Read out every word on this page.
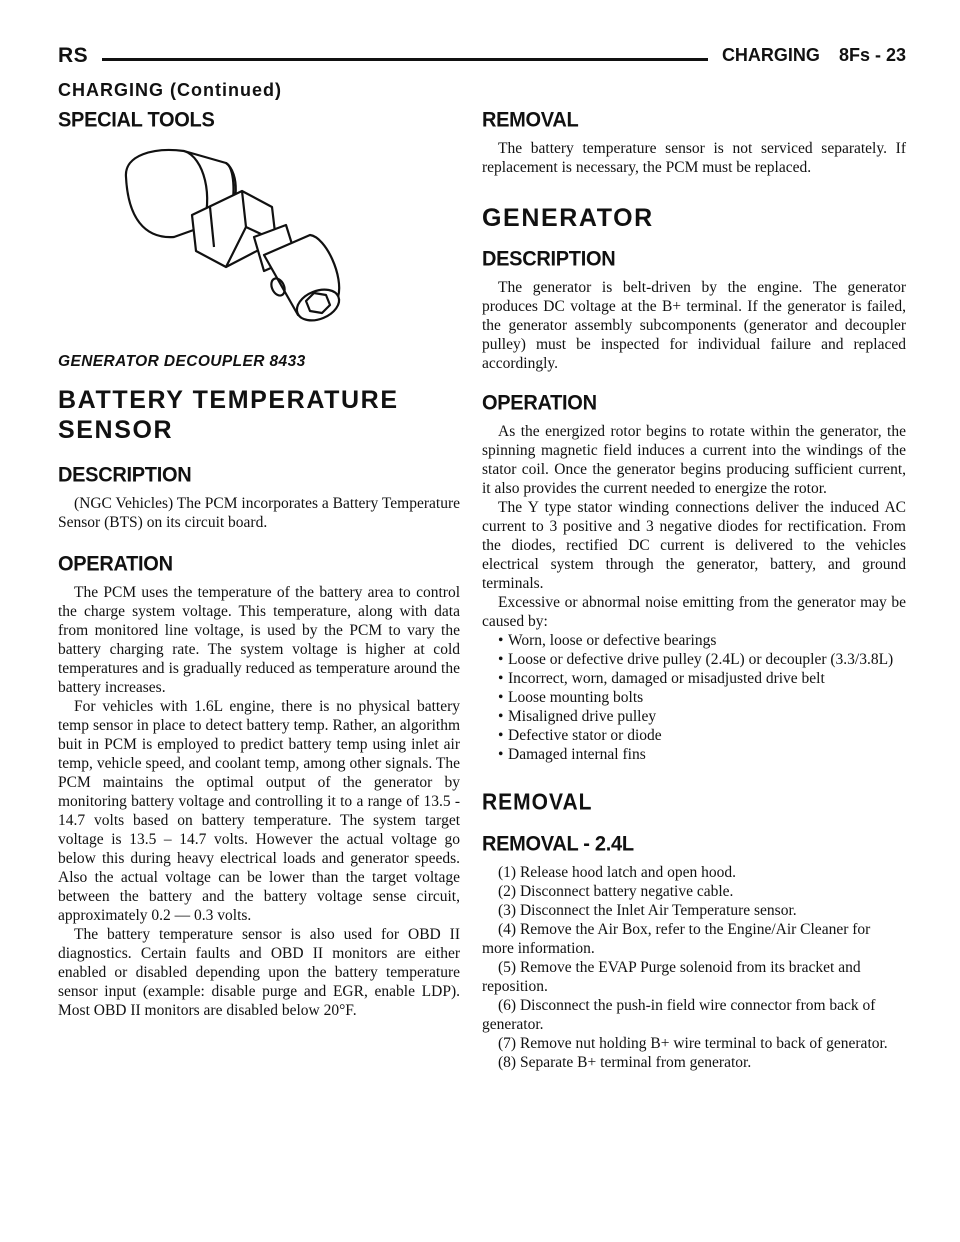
RS	CHARGING 8Fs - 23
CHARGING (Continued)
SPECIAL TOOLS
GENERATOR DECOUPLER 8433
BATTERY TEMPERATURE
SENSOR
DESCRIPTION

(NGC Vehicles) The PCM incorporates a Battery Temperature Sensor (BTS) on its circuit board.

OPERATION

The PCM uses the temperature of the battery area to control the charge system voltage. This temperature, along with data from monitored line voltage, is used by the PCM to vary the battery charging rate. The system voltage is higher at cold temperatures and is gradually reduced as temperature around the battery increases.

For vehicles with 1.6L engine, there is no physical battery temp sensor in place to detect battery temp. Rather, an algorithm buit in PCM is employed to predict battery temp using inlet air temp, vehicle speed, and coolant temp, among other signals. The PCM maintains the optimal output of the generator by monitoring battery voltage and controlling it to a range of 13.5 - 14.7 volts based on battery temperature. The system target voltage is 13.5 – 14.7 volts. However the actual voltage go below this during heavy electrical loads and generator speeds. Also the actual voltage can be lower than the target voltage between the battery and the battery voltage sense circuit, approximately 0.2 — 0.3 volts.

The battery temperature sensor is also used for OBD II diagnostics. Certain faults and OBD II monitors are either enabled or disabled depending upon the battery temperature sensor input (example: disable purge and EGR, enable LDP). Most OBD II monitors are disabled below 20°F.

REMOVAL

The battery temperature sensor is not serviced separately. If replacement is necessary, the PCM must be replaced.

GENERATOR
DESCRIPTION

The generator is belt-driven by the engine. The generator produces DC voltage at the B+ terminal. If the generator is failed, the generator assembly subcomponents (generator and decoupler pulley) must be inspected for individual failure and replaced accordingly.

OPERATION

As the energized rotor begins to rotate within the generator, the spinning magnetic field induces a current into the windings of the stator coil. Once the generator begins producing sufficient current, it also provides the current needed to energize the rotor.

The Y type stator winding connections deliver the induced AC current to 3 positive and 3 negative diodes for rectification. From the diodes, rectified DC current is delivered to the vehicles electrical system through the generator, battery, and ground terminals.

Excessive or abnormal noise emitting from the generator may be caused by:

• Worn, loose or defective bearings
• Loose or defective drive pulley (2.4L) or decoupler (3.3/3.8L)
• Incorrect, worn, damaged or misadjusted drive belt
• Loose mounting bolts
• Misaligned drive pulley
• Defective stator or diode
• Damaged internal fins
REMOVAL
REMOVAL - 2.4L

(1) Release hood latch and open hood.

(2) Disconnect battery negative cable.

(3) Disconnect the Inlet Air Temperature sensor.

(4) Remove the Air Box, refer to the Engine/Air Cleaner for more information.

(5) Remove the EVAP Purge solenoid from its bracket and reposition.

(6) Disconnect the push-in field wire connector from back of generator.

(7) Remove nut holding B+ wire terminal to back of generator.

(8) Separate B+ terminal from generator.
